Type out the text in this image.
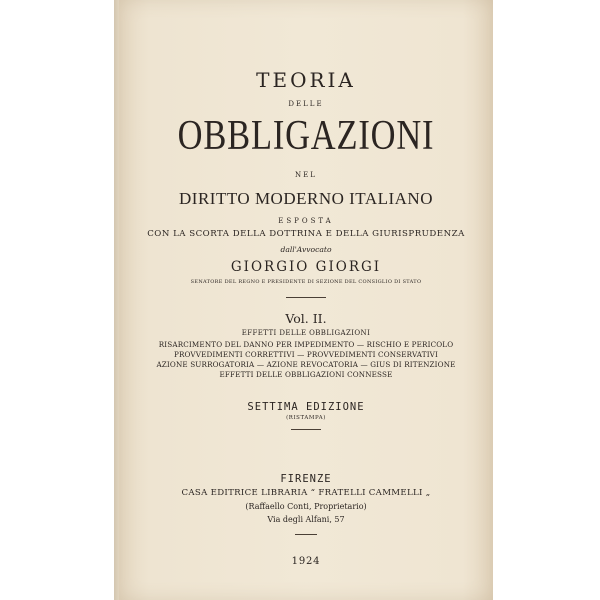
TEORIA
DELLE
OBBLIGAZIONI
NEL
DIRITTO MODERNO ITALIANO
ESPOSTA
CON LA SCORTA DELLA DOTTRINA E DELLA GIURISPRUDENZA
dall'Avvocato
GIORGIO GIORGI
SENATORE DEL REGNO E PRESIDENTE DI SEZIONE DEL CONSIGLIO DI STATO
Vol. II.
EFFETTI DELLE OBBLIGAZIONI
RISARCIMENTO DEL DANNO PER IMPEDIMENTO — RISCHIO E PERICOLO
PROVVEDIMENTI CORRETTIVI — PROVVEDIMENTI CONSERVATIVI
AZIONE SURROGATORIA — AZIONE REVOCATORIA — GIUS DI RITENZIONE
EFFETTI DELLE OBBLIGAZIONI CONNESSE
SETTIMA EDIZIONE
(RISTAMPA)
FIRENZE
CASA EDITRICE LIBRARIA “ FRATELLI CAMMELLI „
(Raffaello Conti, Proprietario)
Via degli Alfani, 57
1924
